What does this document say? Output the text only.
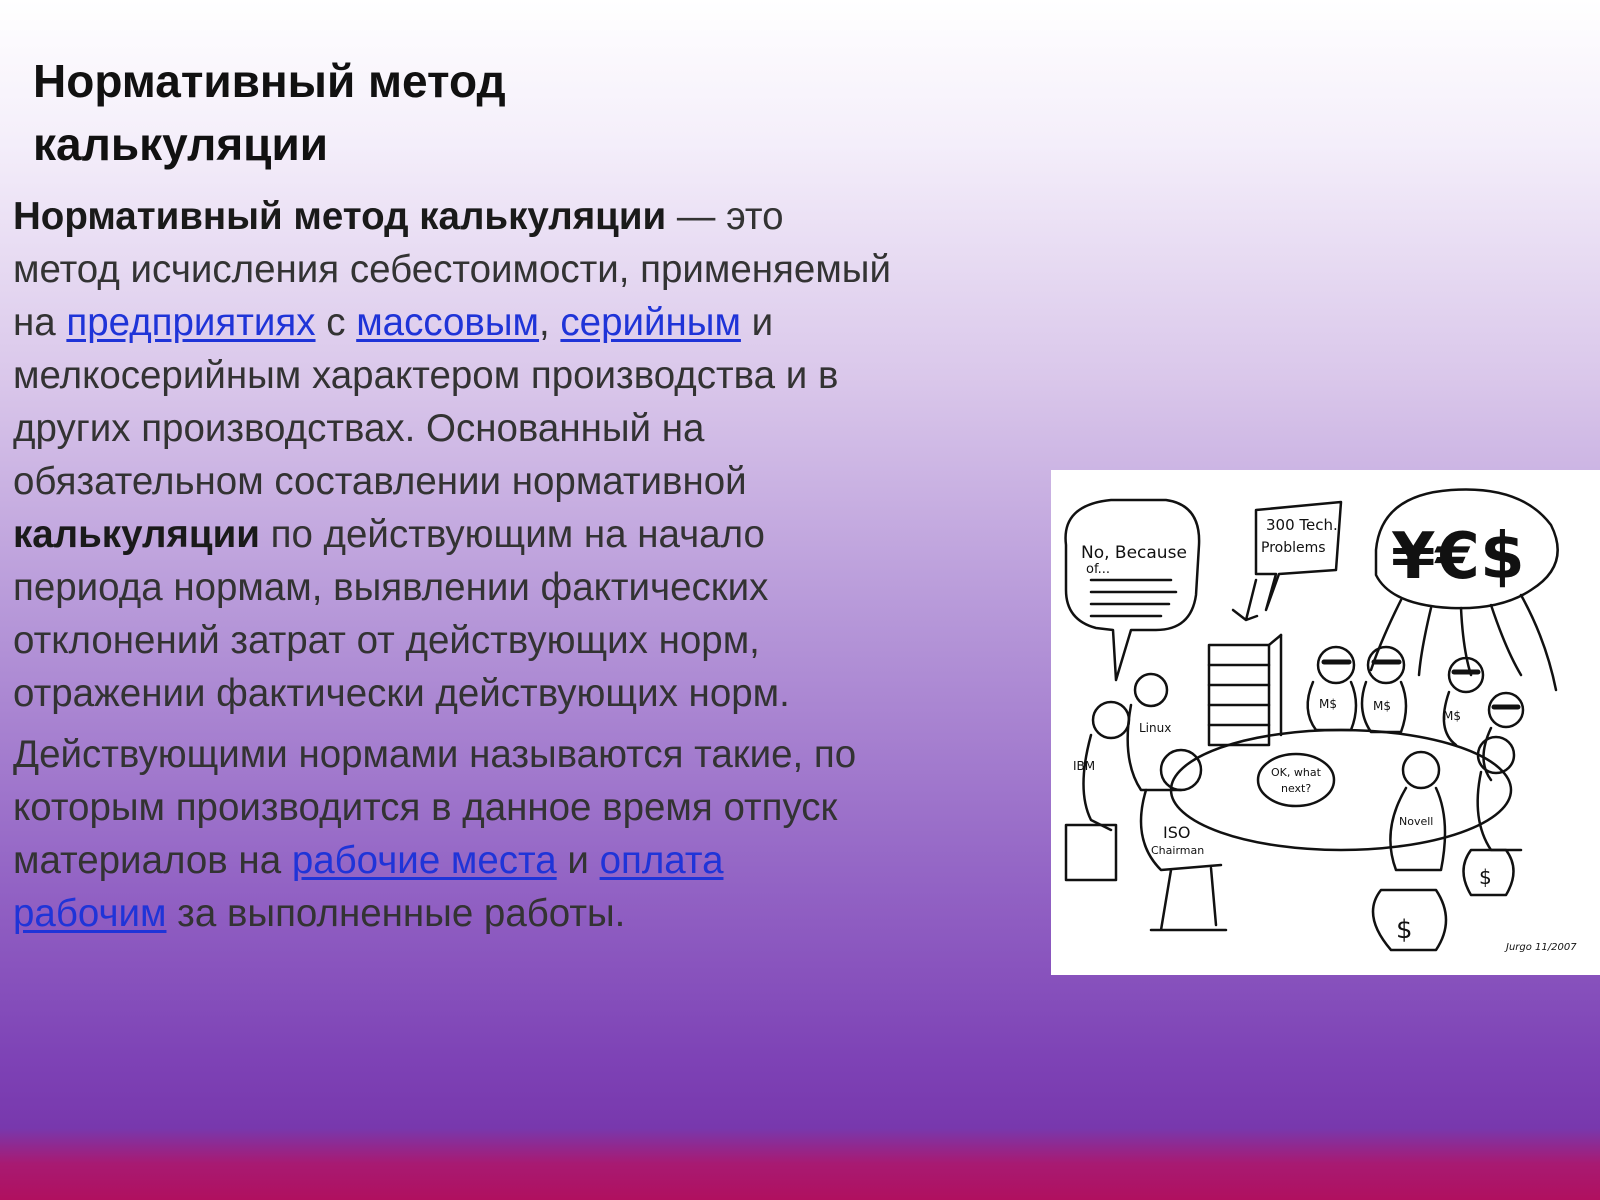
Нормативный метод
калькуляции

Нормативный метод калькуляции — это
метод исчисления себестоимости, применяемый
на предприятиях с массовым, серийным и
мелкосерийным характером производства и в
других производствах. Основанный на
обязательном составлении нормативной
калькуляции по действующим на начало
периода нормам, выявлении фактических
отклонений затрат от действующих норм,
отражении фактически действующих норм.

Действующими нормами называются такие, по
которым производится в данное время отпуск
материалов на рабочие места и оплата
рабочим за выполненные работы.

No, Because
of...
300 Tech.
Problems ¥€$
OK, what
next?
IBM
Linux
M$	M$
M$
ISO
Chairman
Novell
$
$
Jurgo 11/2007
